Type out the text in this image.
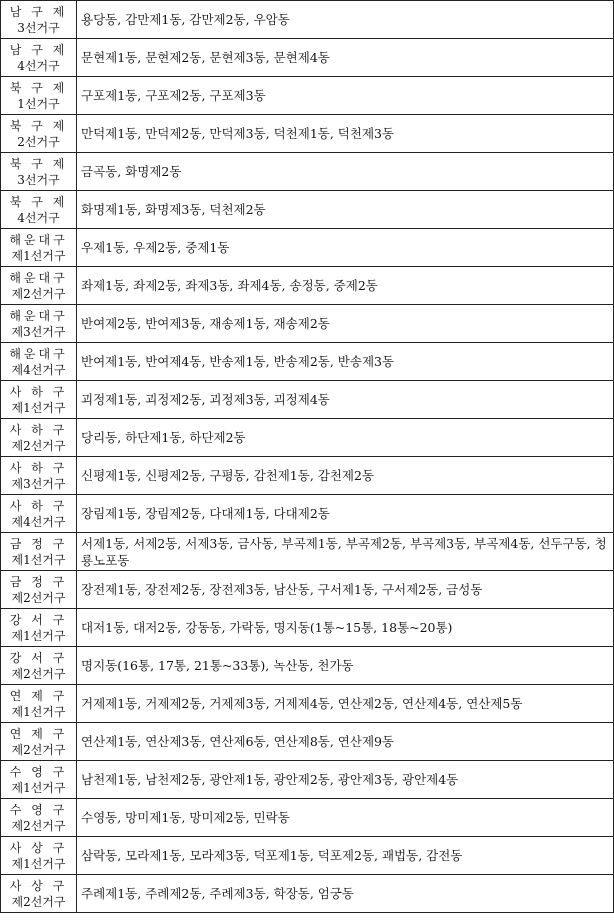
남 구 제
3선거구	용당동, 감만제1동, 감만제2동, 우암동

남 구 제
4선거구	문현제1동, 문현제2동, 문현제3동, 문현제4동

북 구 제
1선거구	구포제1동, 구포제2동, 구포제3동

북 구 제
2선거구	만덕제1동, 만덕제2동, 만덕제3동, 덕천제1동, 덕천제3동

북 구 제
3선거구	금곡동, 화명제2동

북 구 제
4선거구	화명제1동, 화명제3동, 덕천제2동

해운대구
제1선거구	우제1동, 우제2동, 중제1동

해운대구
제2선거구	좌제1동, 좌제2동, 좌제3동, 좌제4동, 송정동, 중제2동

해운대구
제3선거구	반여제2동, 반여제3동, 재송제1동, 재송제2동

해운대구
제4선거구	반여제1동, 반여제4동, 반송제1동, 반송제2동, 반송제3동

사 하 구
제1선거구	괴정제1동, 괴정제2동, 괴정제3동, 괴정제4동

사 하 구
제2선거구	당리동, 하단제1동, 하단제2동

사 하 구
제3선거구	신평제1동, 신평제2동, 구평동, 감천제1동, 감천제2동

사 하 구
제4선거구	장림제1동, 장림제2동, 다대제1동, 다대제2동

금 정 구
제1선거구	서제1동, 서제2동, 서제3동, 금사동, 부곡제1동, 부곡제2동, 부곡제3동, 부곡제4동, 선두구동, 청룡노포동

금 정 구
제2선거구	장전제1동, 장전제2동, 장전제3동, 남산동, 구서제1동, 구서제2동, 금성동

강 서 구
제1선거구	대저1동, 대저2동, 강동동, 가락동, 명지동(1통~15통, 18통~20통)

강 서 구
제2선거구	명지동(16통, 17통, 21통~33통), 녹산동, 천가동

연 제 구
제1선거구	거제제1동, 거제제2동, 거제제3동, 거제제4동, 연산제2동, 연산제4동, 연산제5동

연 제 구
제2선거구	연산제1동, 연산제3동, 연산제6동, 연산제8동, 연산제9동

수 영 구
제1선거구	남천제1동, 남천제2동, 광안제1동, 광안제2동, 광안제3동, 광안제4동

수 영 구
제2선거구	수영동, 망미제1동, 망미제2동, 민락동

사 상 구
제1선거구	삼락동, 모라제1동, 모라제3동, 덕포제1동, 덕포제2동, 괘법동, 감전동

사 상 구
제2선거구	주례제1동, 주례제2동, 주례제3동, 학장동, 엄궁동
